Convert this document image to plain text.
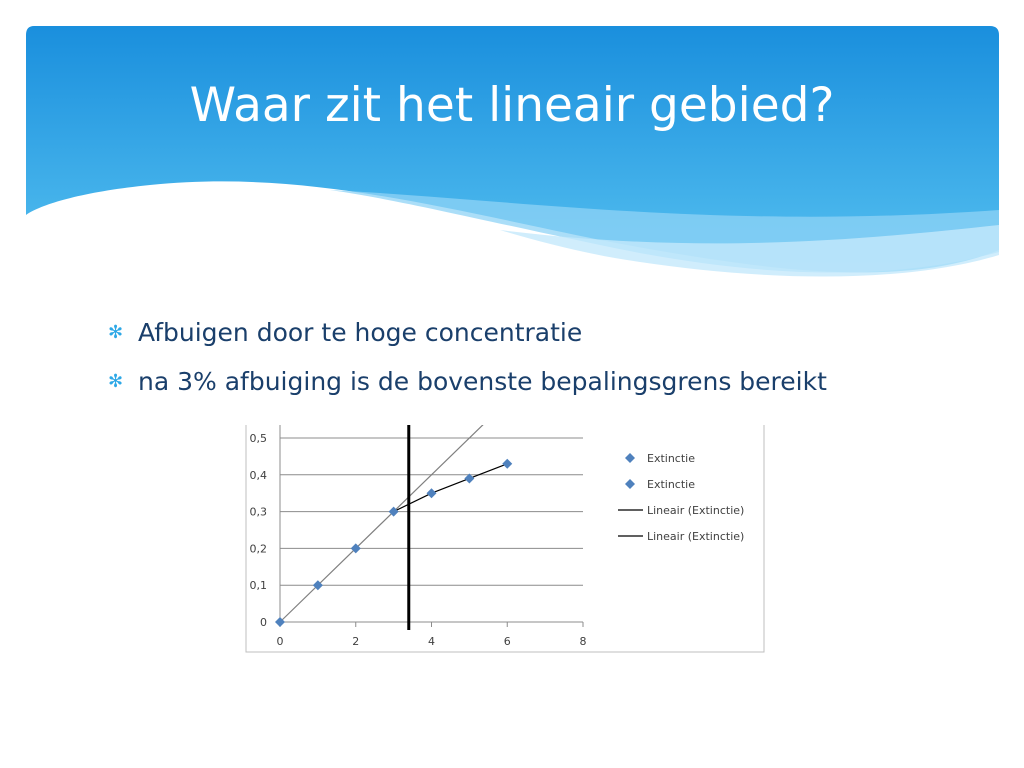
Waar zit het lineair gebied?
✻ Afbuigen door te hoge concentratie
✻ na 3% afbuiging is de bovenste bepalingsgrens bereikt
0
0,1
0,2
0,3
0,4
0,5
0	2	4	6	8
Extinctie
Extinctie
Lineair (Extinctie)
Lineair (Extinctie)
